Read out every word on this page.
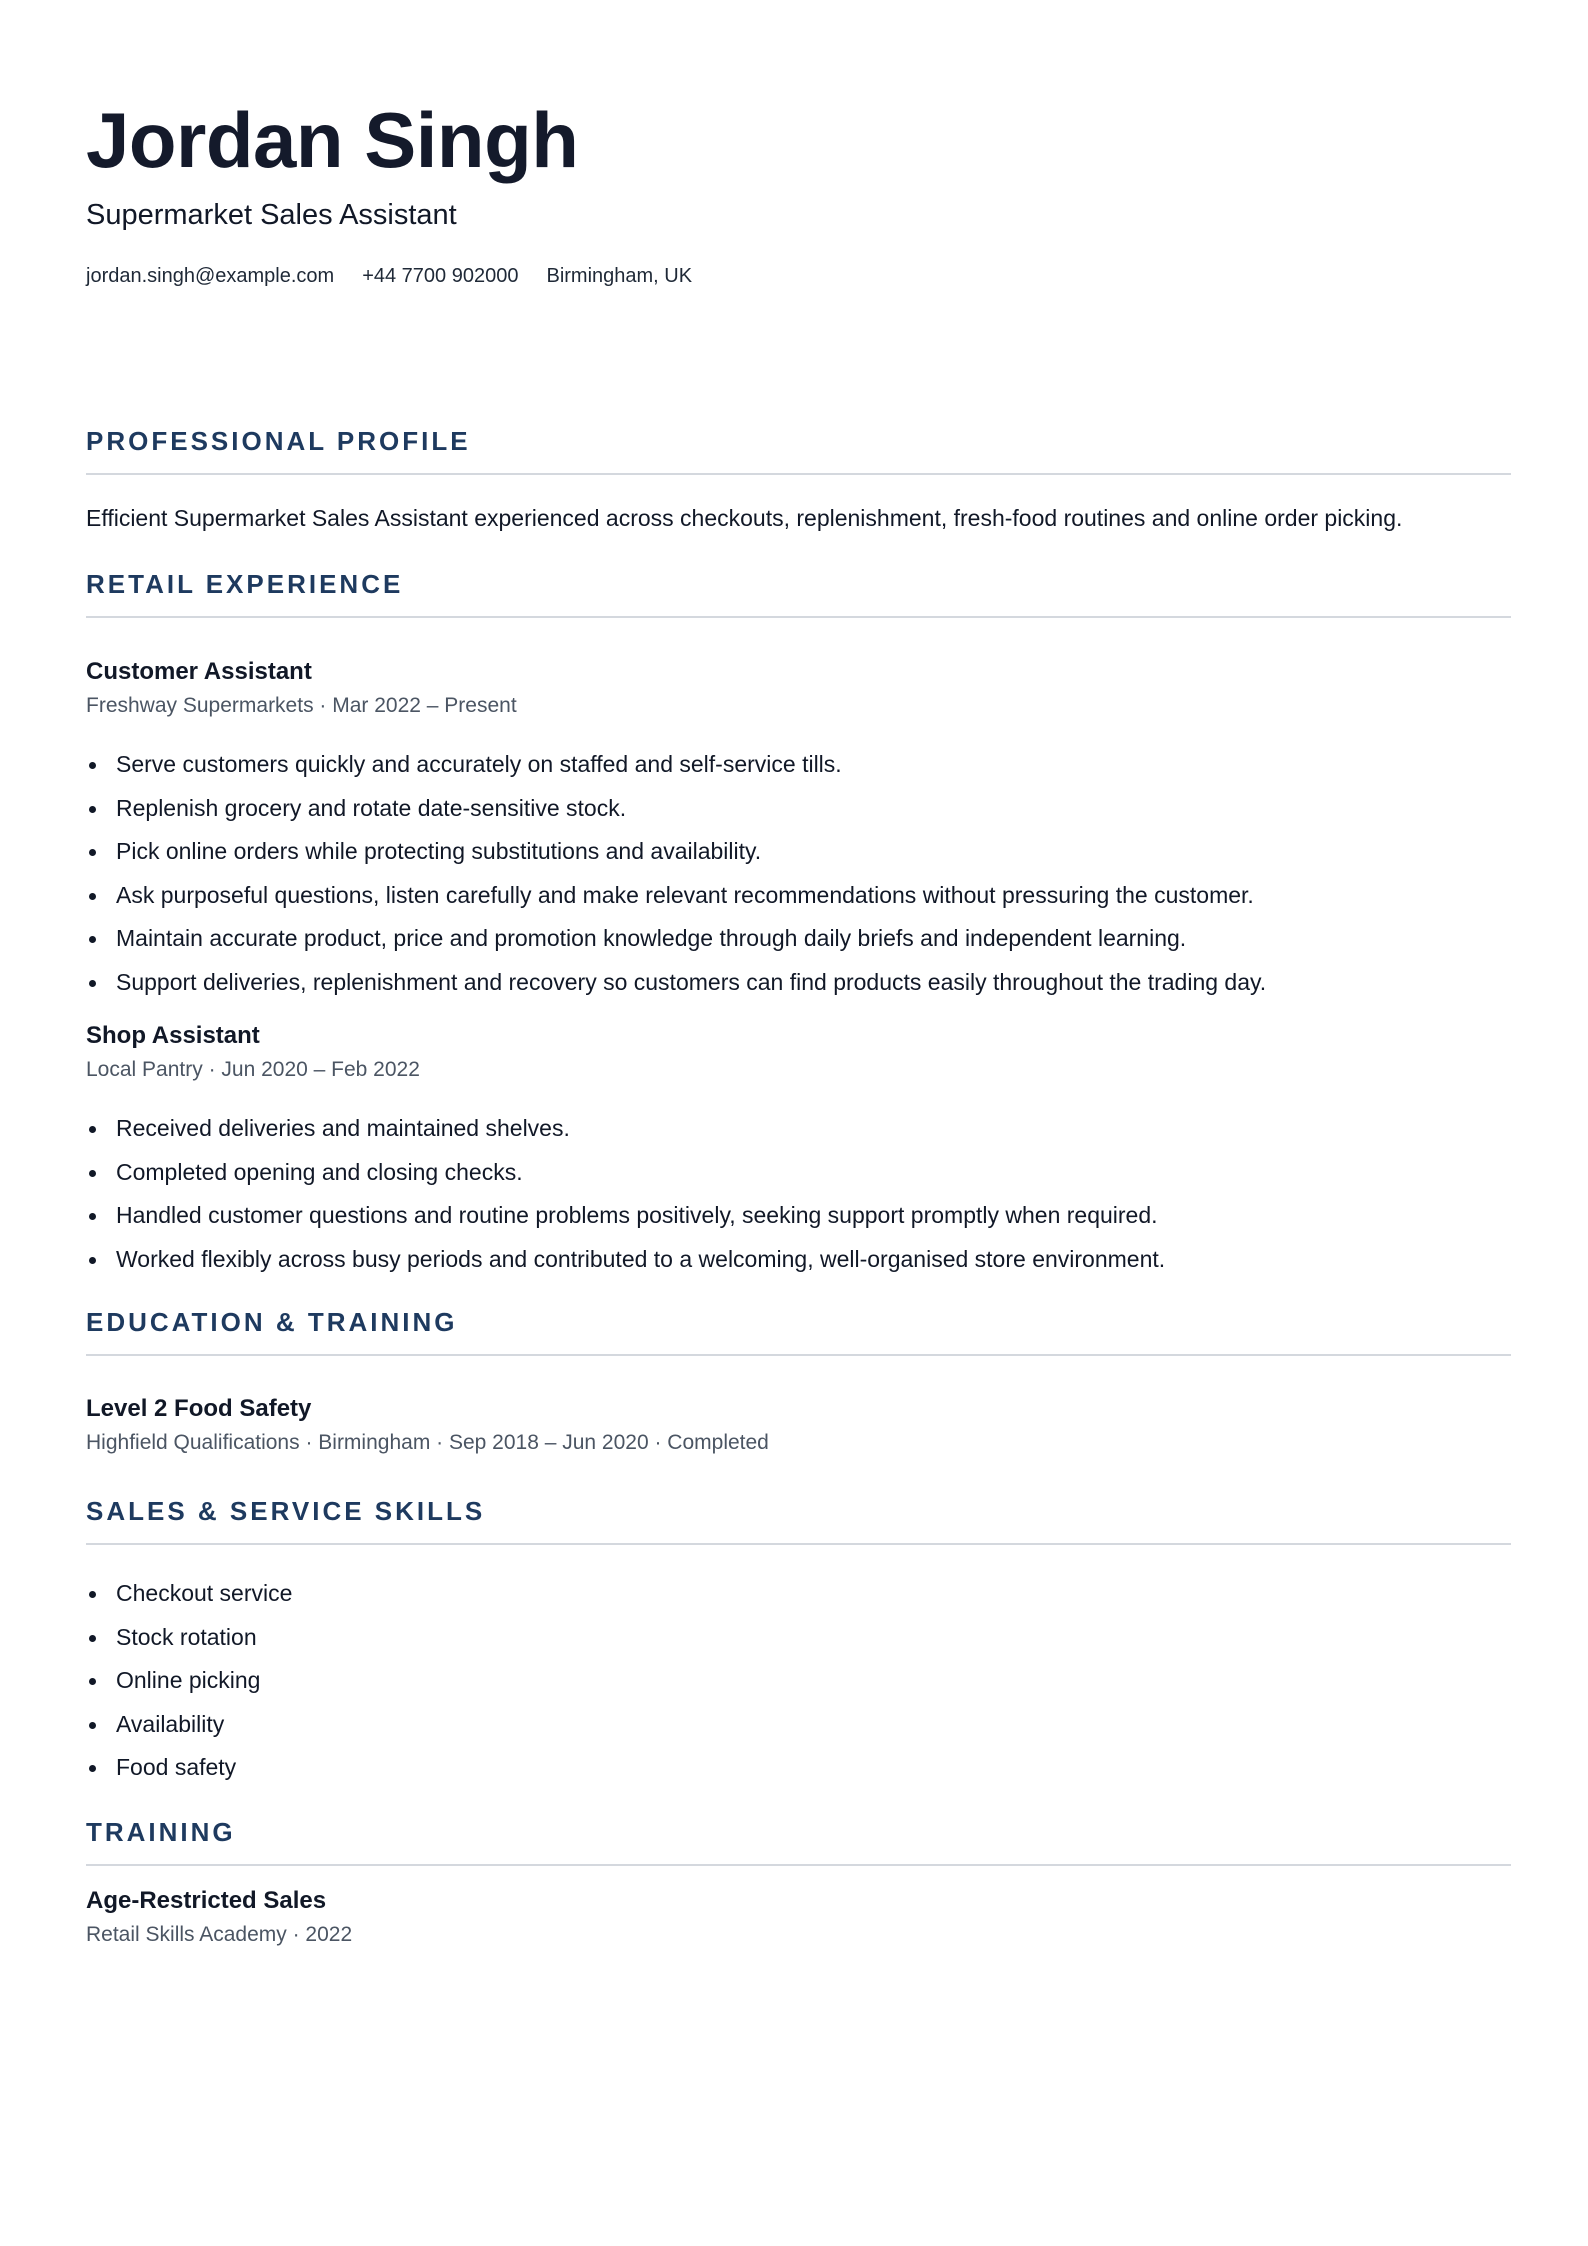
Jordan Singh
Supermarket Sales Assistant
jordan.singh@example.com +44 7700 902000 Birmingham, UK
PROFESSIONAL PROFILE
Efficient Supermarket Sales Assistant experienced across checkouts, replenishment, fresh-food routines and online order picking.
RETAIL EXPERIENCE
Customer Assistant
Freshway Supermarkets · Mar 2022 – Present
Serve customers quickly and accurately on staffed and self-service tills.
Replenish grocery and rotate date-sensitive stock.
Pick online orders while protecting substitutions and availability.
Ask purposeful questions, listen carefully and make relevant recommendations without pressuring the customer.
Maintain accurate product, price and promotion knowledge through daily briefs and independent learning.
Support deliveries, replenishment and recovery so customers can find products easily throughout the trading day.
Shop Assistant
Local Pantry · Jun 2020 – Feb 2022
Received deliveries and maintained shelves.
Completed opening and closing checks.
Handled customer questions and routine problems positively, seeking support promptly when required.
Worked flexibly across busy periods and contributed to a welcoming, well-organised store environment.
EDUCATION & TRAINING
Level 2 Food Safety
Highfield Qualifications · Birmingham · Sep 2018 – Jun 2020 · Completed
SALES & SERVICE SKILLS
Checkout service
Stock rotation
Online picking
Availability
Food safety
TRAINING
Age-Restricted Sales
Retail Skills Academy · 2022
